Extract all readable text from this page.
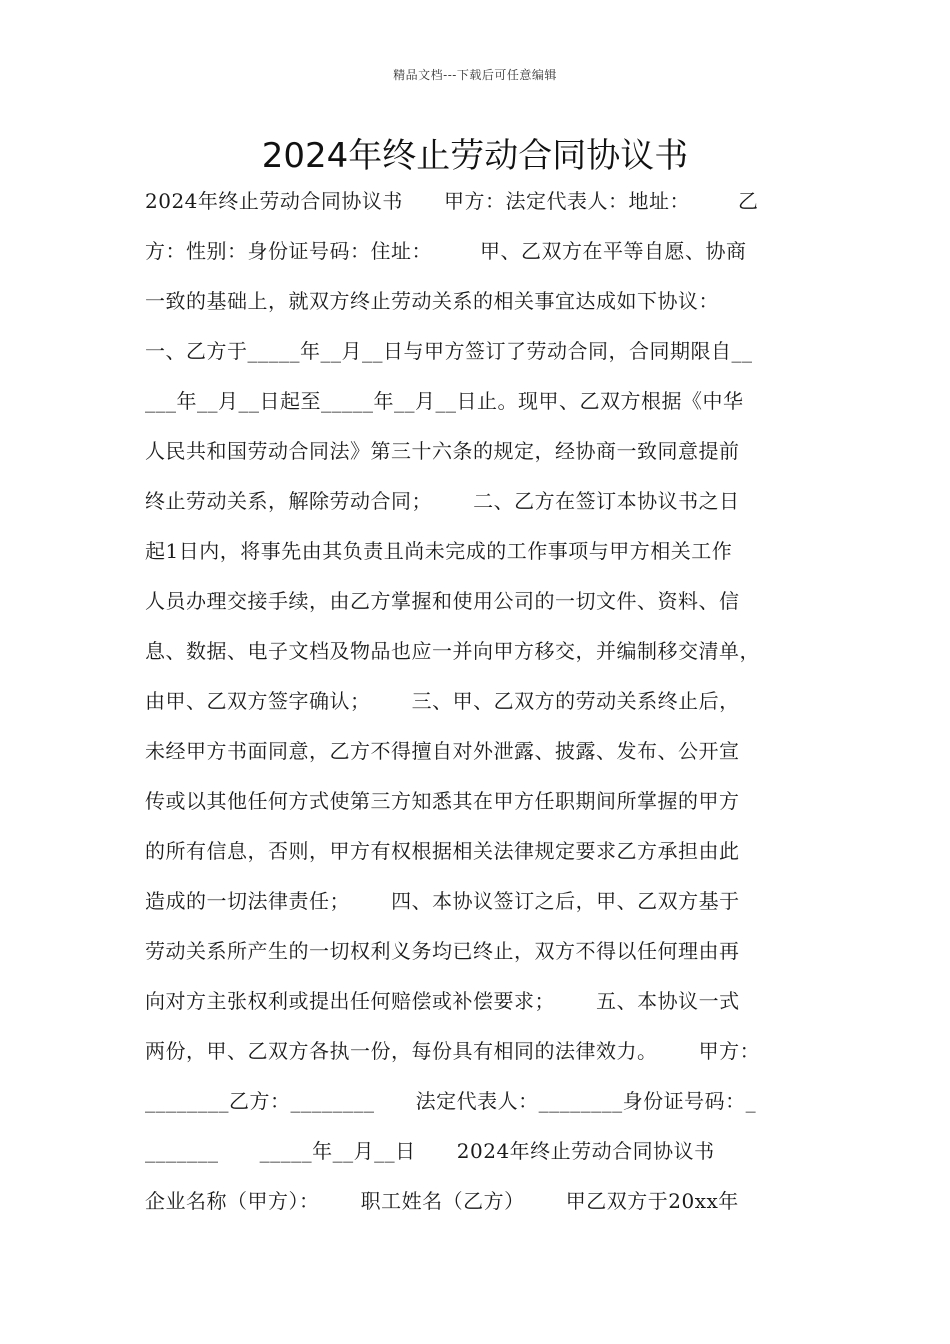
精品文档---下载后可任意编辑
2024年终止劳动合同协议书
2024年终止劳动合同协议书      甲方：法定代表人：地址：       乙
方：性别：身份证号码：住址：       甲、乙双方在平等自愿、协商
一致的基础上，就双方终止劳动关系的相关事宜达成如下协议：
一、乙方于_____年__月__日与甲方签订了劳动合同，合同期限自__
___年__月__日起至_____年__月__日止。现甲、乙双方根据《中华
人民共和国劳动合同法》第三十六条的规定，经协商一致同意提前
终止劳动关系，解除劳动合同；      二、乙方在签订本协议书之日
起1日内，将事先由其负责且尚未完成的工作事项与甲方相关工作
人员办理交接手续，由乙方掌握和使用公司的一切文件、资料、信
息、数据、电子文档及物品也应一并向甲方移交，并编制移交清单，
由甲、乙双方签字确认；      三、甲、乙双方的劳动关系终止后，
未经甲方书面同意，乙方不得擅自对外泄露、披露、发布、公开宣
传或以其他任何方式使第三方知悉其在甲方任职期间所掌握的甲方
的所有信息，否则，甲方有权根据相关法律规定要求乙方承担由此
造成的一切法律责任；      四、本协议签订之后，甲、乙双方基于
劳动关系所产生的一切权利义务均已终止，双方不得以任何理由再
向对方主张权利或提出任何赔偿或补偿要求；      五、本协议一式
两份，甲、乙双方各执一份，每份具有相同的法律效力。      甲方：
________乙方：________      法定代表人：________身份证号码：_
_______      _____年__月__日      2024年终止劳动合同协议书
企业名称（甲方）：      职工姓名（乙方）      甲乙双方于20xx年
